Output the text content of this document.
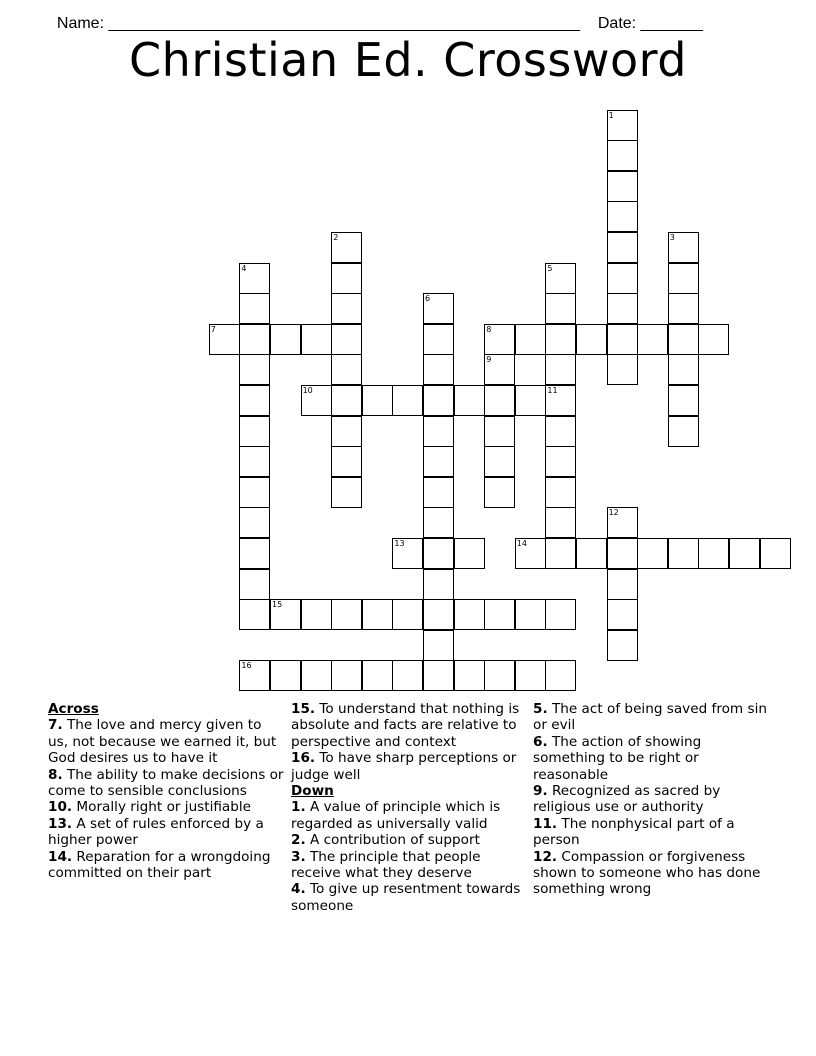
Name: _____________________________________________________ Date: _______

Christian Ed. Crossword
1
2	3
4	5
11
6
7	8
9
10
12
13	14
15
16
Across
7. The love and mercy given to us, not because we earned it, but God desires us to have it
8. The ability to make decisions or come to sensible conclusions
10. Morally right or justifiable
13. A set of rules enforced by a higher power
14. Reparation for a wrongdoing committed on their part
15. To understand that nothing is absolute and facts are relative to perspective and context
16. To have sharp perceptions or judge well
Down
1. A value of principle which is regarded as universally valid
2. A contribution of support
3. The principle that people receive what they deserve
4. To give up resentment towards someone
5. The act of being saved from sin or evil
6. The action of showing something to be right or reasonable
9. Recognized as sacred by religious use or authority
11. The nonphysical part of a person
12. Compassion or forgiveness shown to someone who has done something wrong
